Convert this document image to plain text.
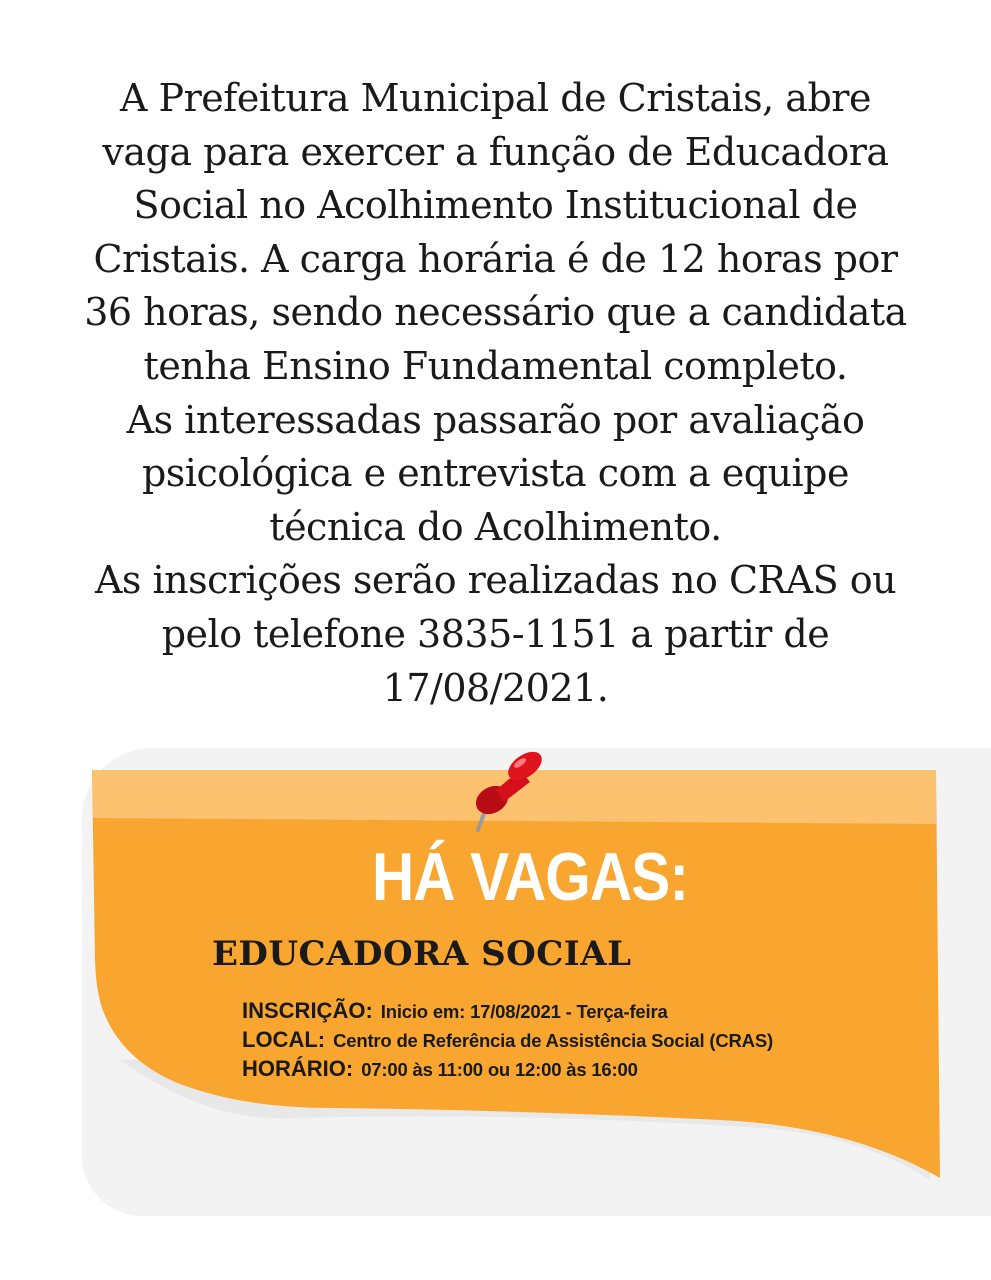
A Prefeitura Municipal de Cristais, abre
vaga para exercer a função de Educadora
Social no Acolhimento Institucional de
Cristais. A carga horária é de 12 horas por
36 horas, sendo necessário que a candidata
tenha Ensino Fundamental completo.
As interessadas passarão por avaliação
psicológica e entrevista com a equipe
técnica do Acolhimento.
As inscrições serão realizadas no CRAS ou
pelo telefone 3835-1151 a partir de
17/08/2021.
HÁ VAGAS:
EDUCADORA SOCIAL
INSCRIÇÃO: Inicio em: 17/08/2021 - Terça-feira
LOCAL: Centro de Referência de Assistência Social (CRAS)
HORÁRIO: 07:00 às 11:00 ou 12:00 às 16:00
